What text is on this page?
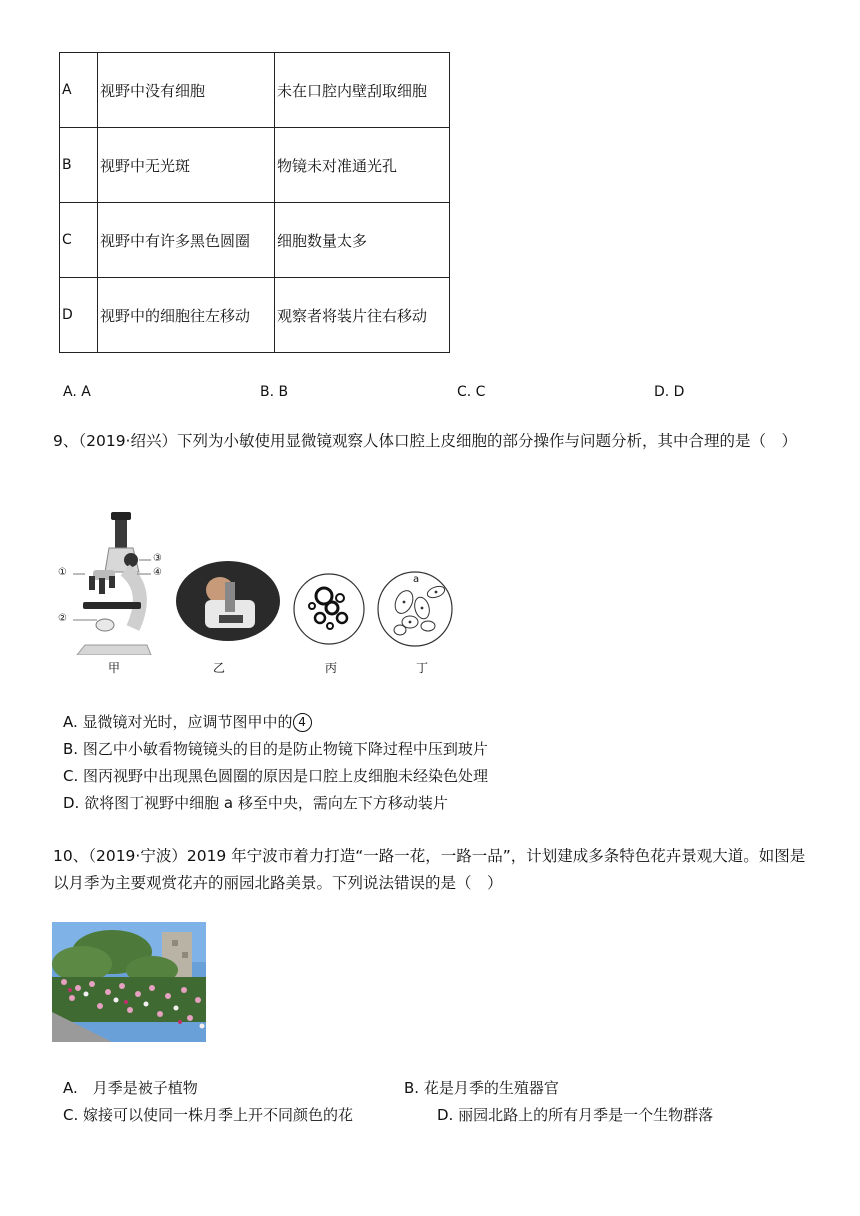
A	视野中没有细胞	未在口腔内壁刮取细胞
B	视野中无光斑	物镜未对准通光孔
C	视野中有许多黑色圆圈	细胞数量太多
D	视野中的细胞往左移动	观察者将装片往右移动
A. A	B. B	C. C	D. D
9、（2019·绍兴）下列为小敏使用显微镜观察人体口腔上皮细胞的部分操作与问题分析，其中合理的是（　）
①
②
③
④
a
甲	乙	丙	丁
A. 显微镜对光时，应调节图甲中的 4
B. 图乙中小敏看物镜镜头的目的是防止物镜下降过程中压到玻片
C. 图丙视野中出现黑色圆圈的原因是口腔上皮细胞未经染色处理
D. 欲将图丁视野中细胞 a 移至中央，需向左下方移动装片
10、（2019·宁波）2019 年宁波市着力打造“一路一花，一路一品”，计划建成多条特色花卉景观大道。如图是以月季为主要观赏花卉的丽园北路美景。下列说法错误的是（　）
A.　月季是被子植物	B. 花是月季的生殖器官
C. 嫁接可以使同一株月季上开不同颜色的花	D. 丽园北路上的所有月季是一个生物群落
